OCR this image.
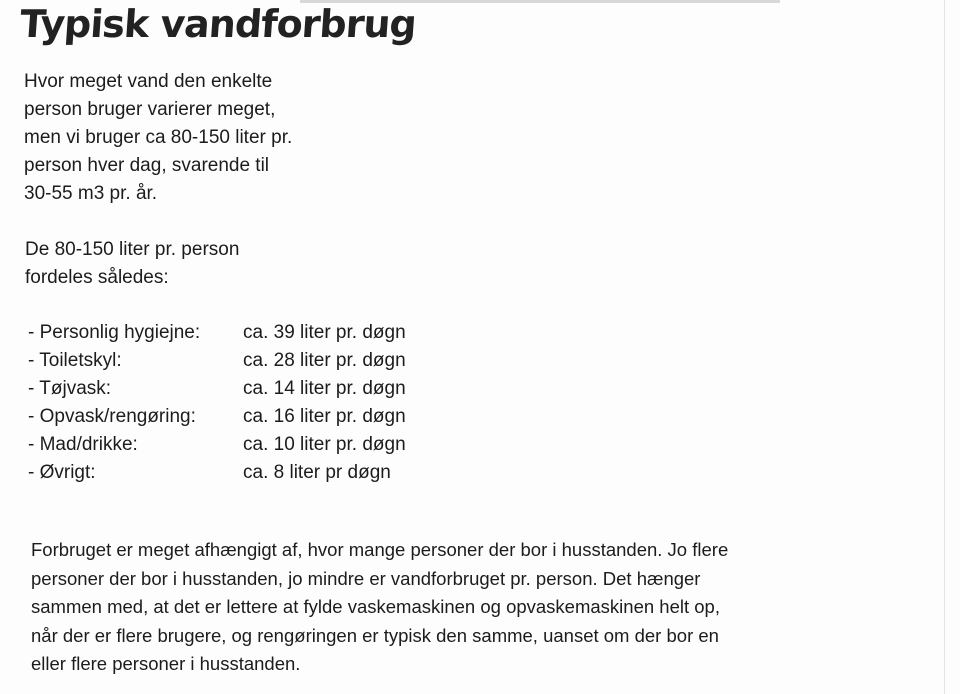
Typisk vandforbrug
Hvor meget vand den enkelte
person bruger varierer meget,
men vi bruger ca 80-150 liter pr.
person hver dag, svarende til
30-55 m3 pr. år.
De 80-150 liter pr. person
fordeles således:
- Personlig hygiejne: ca. 39 liter pr. døgn
- Toiletskyl:	ca. 28 liter pr. døgn
- Tøjvask:	ca. 14 liter pr. døgn
- Opvask/rengøring: ca. 16 liter pr. døgn
- Mad/drikke:	ca. 10 liter pr. døgn
- Øvrigt:	ca. 8 liter pr døgn
Forbruget er meget afhængigt af, hvor mange personer der bor i husstanden. Jo flere
personer der bor i husstanden, jo mindre er vandforbruget pr. person. Det hænger
sammen med, at det er lettere at fylde vaskemaskinen og opvaskemaskinen helt op,
når der er flere brugere, og rengøringen er typisk den samme, uanset om der bor en
eller flere personer i husstanden.
